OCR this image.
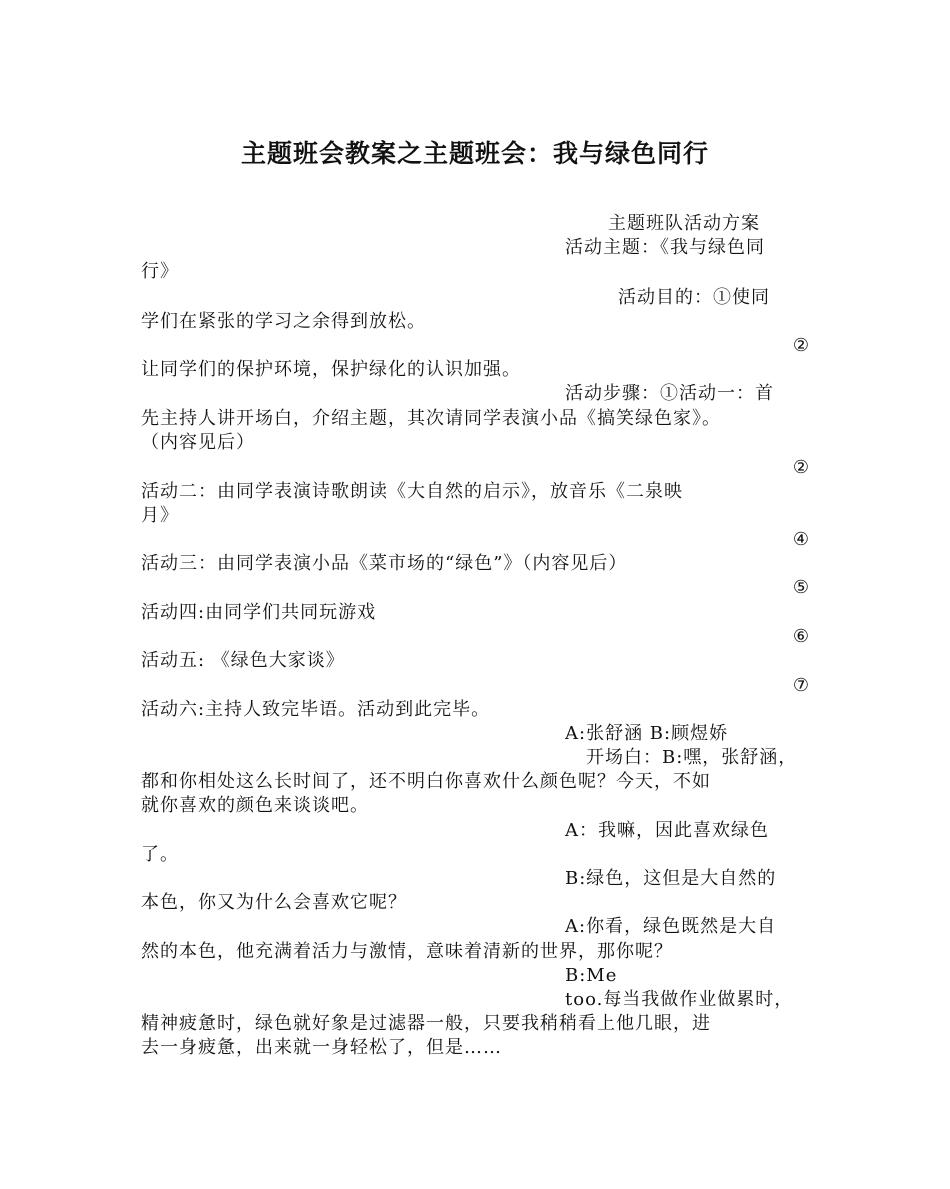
主题班会教案之主题班会：我与绿色同行
主题班队活动方案
活动主题：《我与绿色同
行》
活动目的：①使同
学们在紧张的学习之余得到放松。
②
让同学们的保护环境，保护绿化的认识加强。
活动步骤：①活动一：首
先主持人讲开场白，介绍主题，其次请同学表演小品《搞笑绿色家》。
（内容见后）
②
活动二：由同学表演诗歌朗读《大自然的启示》，放音乐《二泉映
月》
④
活动三：由同学表演小品《菜市场的“绿色”》（内容见后）
⑤
活动四:由同学们共同玩游戏
⑥
活动五: 《绿色大家谈》
⑦
活动六:主持人致完毕语。活动到此完毕。
A:张舒涵 B:顾煜娇
开场白：B:嘿，张舒涵，
都和你相处这么长时间了，还不明白你喜欢什么颜色呢？今天，不如
就你喜欢的颜色来谈谈吧。
A：我嘛，因此喜欢绿色
了。
B:绿色，这但是大自然的
本色，你又为什么会喜欢它呢？
A:你看，绿色既然是大自
然的本色，他充满着活力与激情，意味着清新的世界，那你呢？
B:Me
too.每当我做作业做累时，
精神疲惫时，绿色就好象是过滤器一般，只要我稍稍看上他几眼，进
去一身疲惫，出来就一身轻松了，但是……
